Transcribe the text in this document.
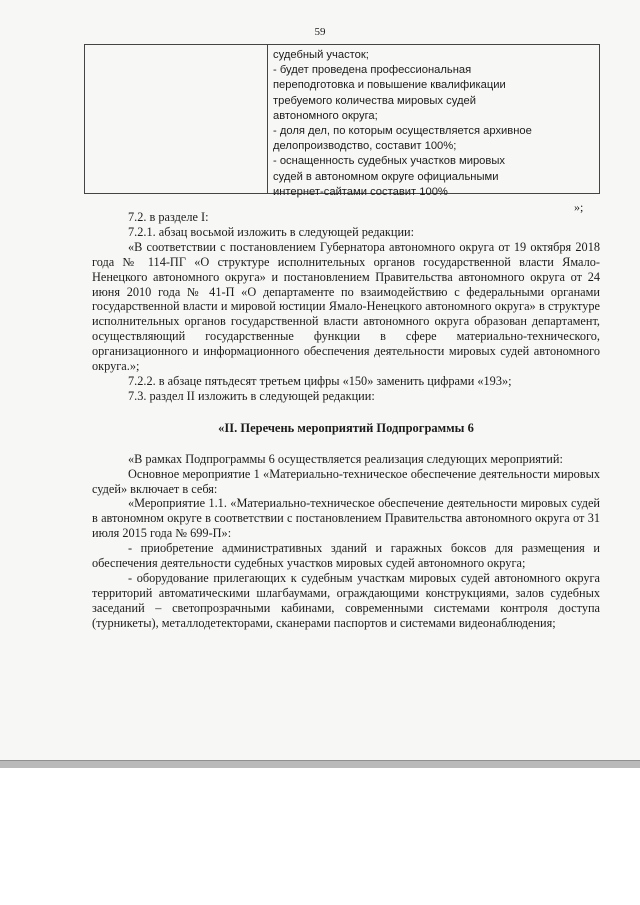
59
судебный участок;
- будет проведена профессиональная
переподготовка и повышение квалификации
требуемого количества мировых судей
автономного округа;
- доля дел, по которым осуществляется архивное
делопроизводство, составит 100%;
- оснащенность судебных участков мировых
судей в автономном округе официальными
интернет-сайтами составит 100%
»;

7.2. в разделе I:

7.2.1. абзац восьмой изложить в следующей редакции:

«В соответствии с постановлением Губернатора автономного округа от 19 октября 2018 года № 114-ПГ «О структуре исполнительных органов государственной власти Ямало-Ненецкого автономного округа» и постановлением Правительства автономного округа от 24 июня 2010 года № 41-П «О департаменте по взаимодействию с федеральными органами государственной власти и мировой юстиции Ямало-Ненецкого автономного округа» в структуре исполнительных органов государственной власти автономного округа образован департамент, осуществляющий государственные функции в сфере материально-технического, организационного и информационного обеспечения деятельности мировых судей автономного округа.»;

7.2.2. в абзаце пятьдесят третьем цифры «150» заменить цифрами «193»;

7.3. раздел II изложить в следующей редакции:

«II. Перечень мероприятий Подпрограммы 6

«В рамках Подпрограммы 6 осуществляется реализация следующих мероприятий:

Основное мероприятие 1 «Материально-техническое обеспечение деятельности мировых судей» включает в себя:

«Мероприятие 1.1. «Материально-техническое обеспечение деятельности мировых судей в автономном округе в соответствии с постановлением Правительства автономного округа от 31 июля 2015 года № 699-П»:

- приобретение административных зданий и гаражных боксов для размещения и обеспечения деятельности судебных участков мировых судей автономного округа;

- оборудование прилегающих к судебным участкам мировых судей автономного округа территорий автоматическими шлагбаумами, ограждающими конструкциями, залов судебных заседаний – светопрозрачными кабинами, современными системами контроля доступа (турникеты), металлодетекторами, сканерами паспортов и системами видеонаблюдения;
